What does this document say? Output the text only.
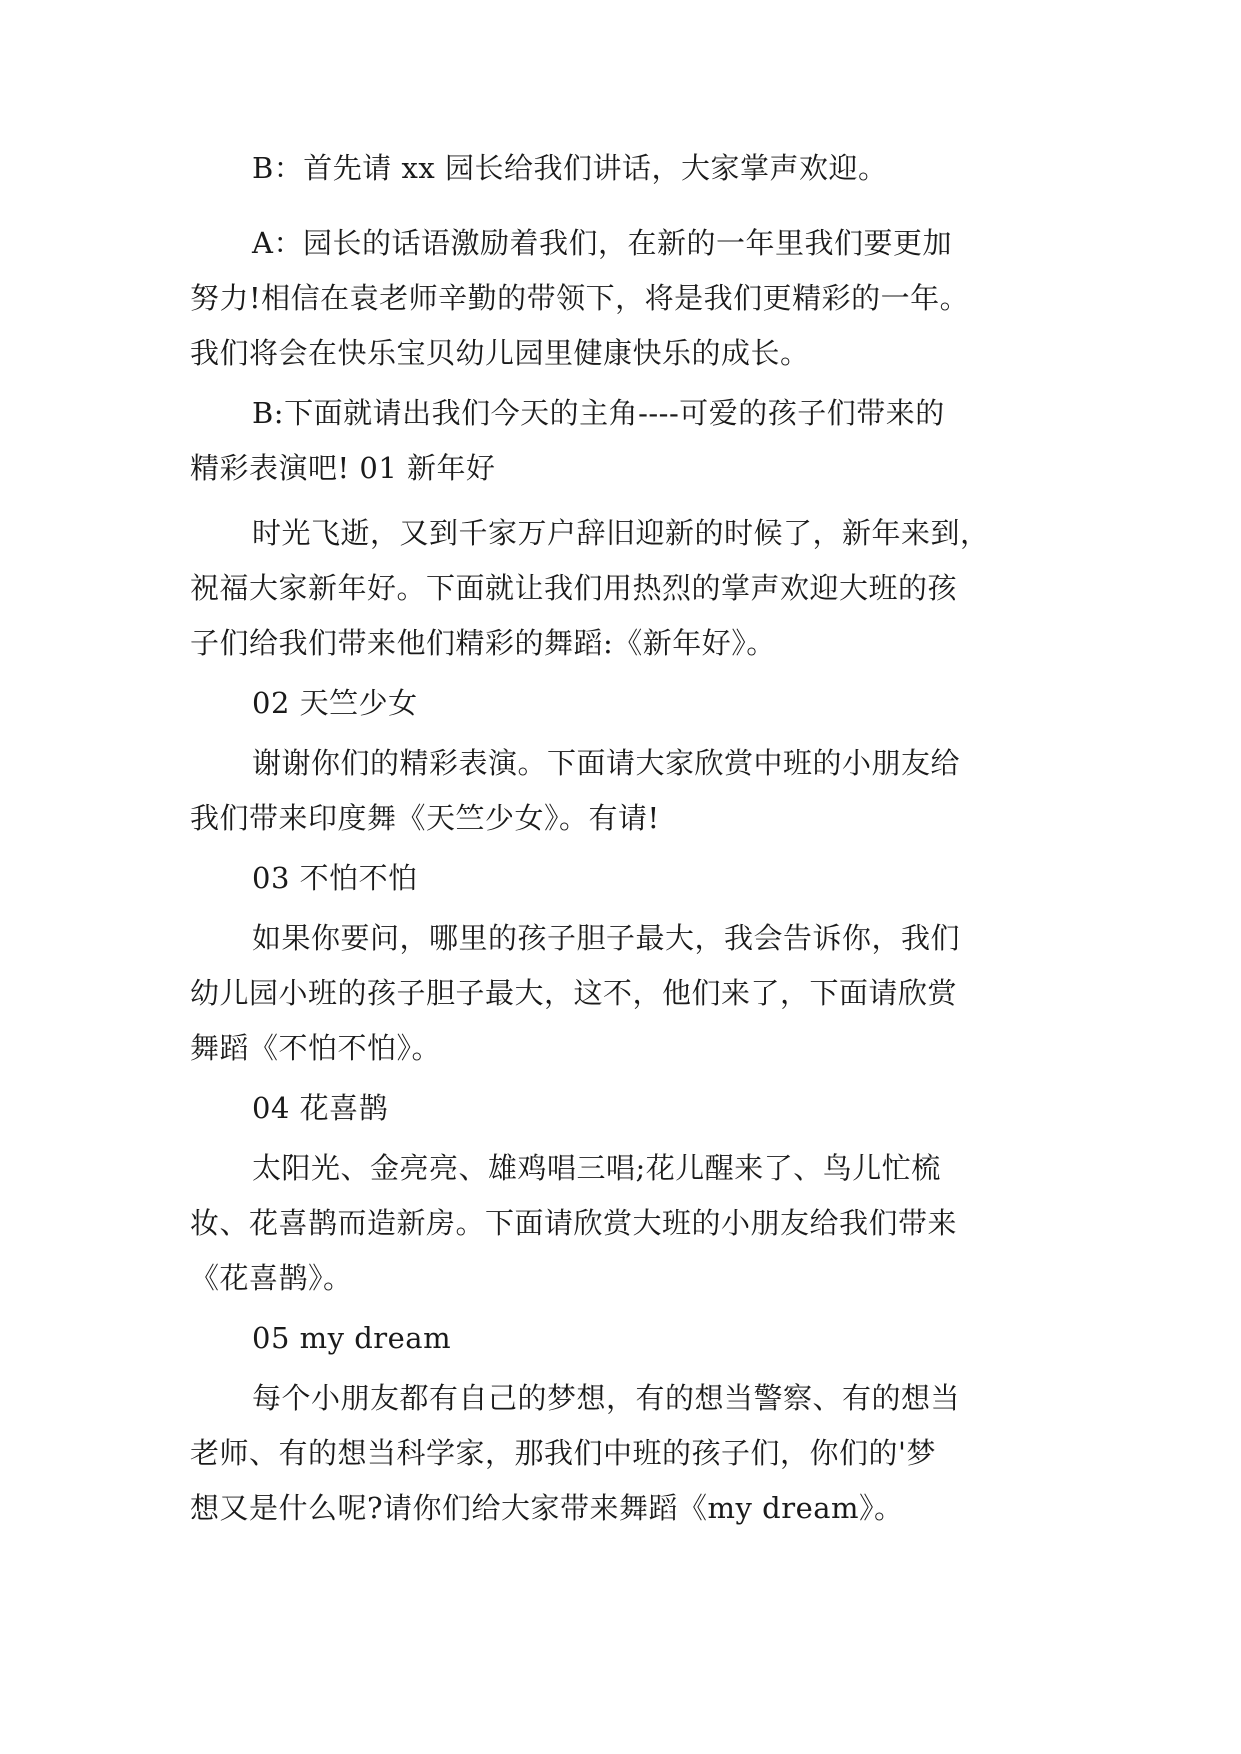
B：首先请 xx 园长给我们讲话，大家掌声欢迎。
A：园长的话语激励着我们，在新的一年里我们要更加
努力!相信在袁老师辛勤的带领下，将是我们更精彩的一年。
我们将会在快乐宝贝幼儿园里健康快乐的成长。
B:下面就请出我们今天的主角----可爱的孩子们带来的
精彩表演吧! 01 新年好
时光飞逝，又到千家万户辞旧迎新的时候了，新年来到，
祝福大家新年好。下面就让我们用热烈的掌声欢迎大班的孩
子们给我们带来他们精彩的舞蹈:《新年好》。
02 天竺少女
谢谢你们的精彩表演。下面请大家欣赏中班的小朋友给
我们带来印度舞《天竺少女》。有请!
03 不怕不怕
如果你要问，哪里的孩子胆子最大，我会告诉你，我们
幼儿园小班的孩子胆子最大，这不，他们来了，下面请欣赏
舞蹈《不怕不怕》。
04 花喜鹊
太阳光、金亮亮、雄鸡唱三唱;花儿醒来了、鸟儿忙梳
妆、花喜鹊而造新房。下面请欣赏大班的小朋友给我们带来
《花喜鹊》。
05 my dream
每个小朋友都有自己的梦想，有的想当警察、有的想当
老师、有的想当科学家，那我们中班的孩子们，你们的'梦
想又是什么呢?请你们给大家带来舞蹈《my dream》。
